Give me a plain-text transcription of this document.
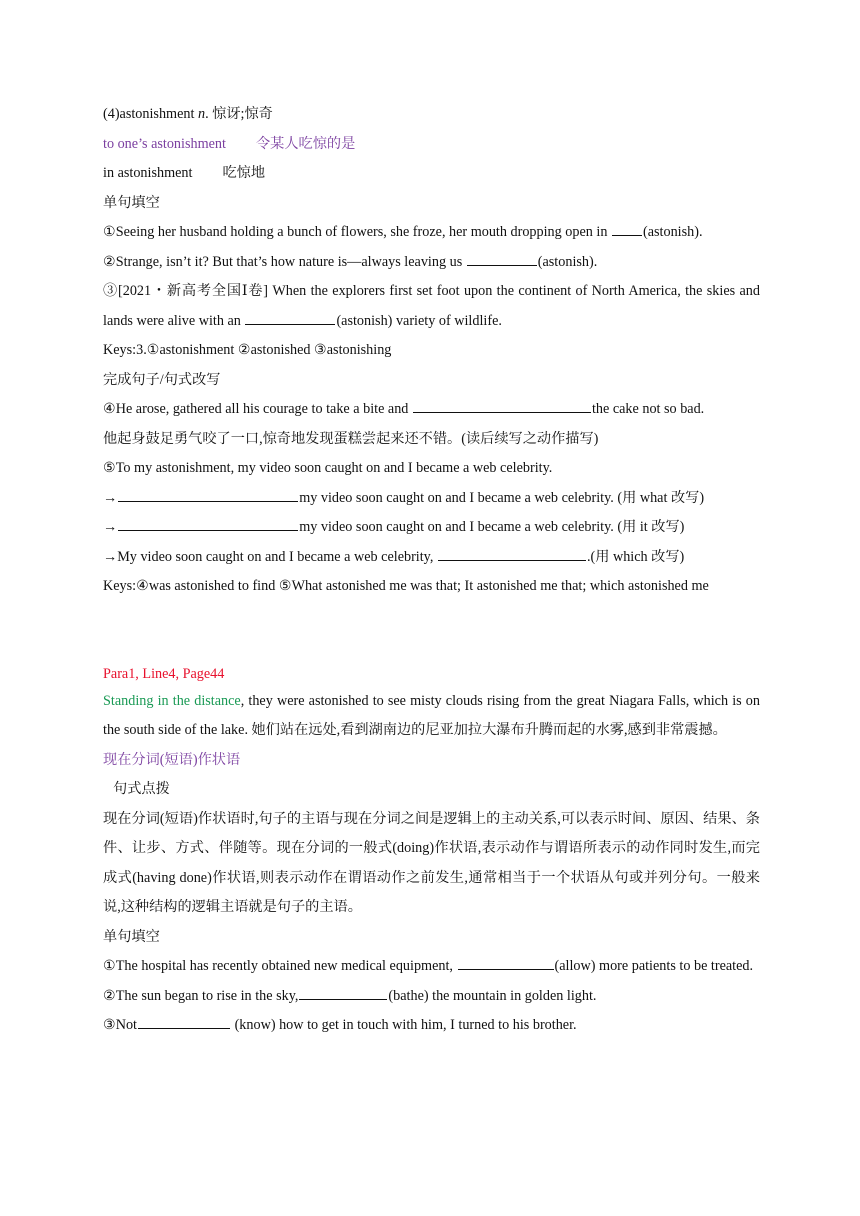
(4)astonishment n. 惊讶;惊奇
to one’s astonishment 令某人吃惊的是
in astonishment 吃惊地
单句填空
①Seeing her husband holding a bunch of flowers, she froze, her mouth dropping open in (astonish).
②Strange, isn’t it? But that’s how nature is—always leaving us	(astonish).
③[2021・新高考全国Ⅰ卷] When the explorers first set foot upon the continent of North America, the skies and lands were alive with an	(astonish) variety of wildlife.
Keys:3.①astonishment ②astonished ③astonishing
完成句子/句式改写
④He arose, gathered all his courage to take a bite and	the cake not so bad.
他起身鼓足勇气咬了一口,惊奇地发现蛋糕尝起来还不错。(读后续写之动作描写)
⑤To my astonishment, my video soon caught on and I became a web celebrity.
→	my video soon caught on and I became a web celebrity. (用 what 改写)
→	my video soon caught on and I became a web celebrity. (用 it 改写)
→My video soon caught on and I became a web celebrity,	.(用 which 改写)
Keys:④was astonished to find ⑤What astonished me was that; It astonished me that; which astonished me
Para1, Line4, Page44
Standing in the distance, they were astonished to see misty clouds rising from the great Niagara Falls, which is on the south side of the lake. 她们站在远处,看到湖南边的尼亚加拉大瀑布升腾而起的水雾,感到非常震撼。
现在分词(短语)作状语
句式点拨
现在分词(短语)作状语时,句子的主语与现在分词之间是逻辑上的主动关系,可以表示时间、原因、结果、条件、让步、方式、伴随等。现在分词的一般式(doing)作状语,表示动作与谓语所表示的动作同时发生,而完成式(having done)作状语,则表示动作在谓语动作之前发生,通常相当于一个状语从句或并列分句。一般来说,这种结构的逻辑主语就是句子的主语。
单句填空
①The hospital has recently obtained new medical equipment,	(allow) more patients to be treated.
②The sun began to rise in the sky,	(bathe) the mountain in golden light.
③Not	(know) how to get in touch with him, I turned to his brother.
